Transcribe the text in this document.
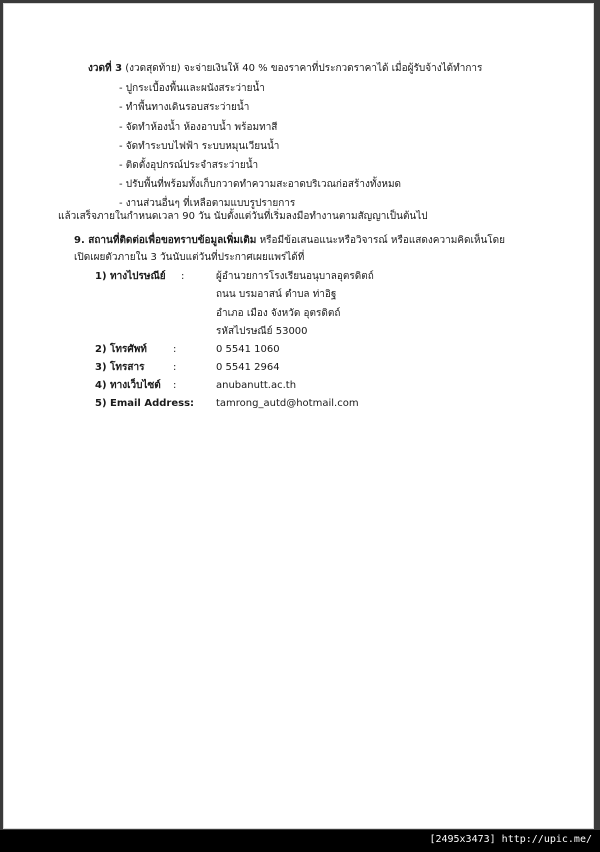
งวดที่ 3 (งวดสุดท้าย) จะจ่ายเงินให้ 40 % ของราคาที่ประกวดราคาได้ เมื่อผู้รับจ้างได้ทำการ
- ปูกระเบื้องพื้นและผนังสระว่ายน้ำ
- ทำพื้นทางเดินรอบสระว่ายน้ำ
- จัดทำห้องน้ำ ห้องอาบน้ำ พร้อมทาสี
- จัดทำระบบไฟฟ้า ระบบหมุนเวียนน้ำ
- ติดตั้งอุปกรณ์ประจำสระว่ายน้ำ
- ปรับพื้นที่พร้อมทั้งเก็บกวาดทำความสะอาดบริเวณก่อสร้างทั้งหมด
- งานส่วนอื่นๆ ที่เหลือตามแบบรูปรายการ
แล้วเสร็จภายในกำหนดเวลา 90 วัน นับตั้งแต่วันที่เริ่มลงมือทำงานตามสัญญาเป็นต้นไป
9. สถานที่ติดต่อเพื่อขอทราบข้อมูลเพิ่มเติม หรือมีข้อเสนอแนะหรือวิจารณ์ หรือแสดงความคิดเห็นโดย
เปิดเผยตัวภายใน 3 วันนับแต่วันที่ประกาศเผยแพร่ได้ที่
1) ทางไปรษณีย์ :	ผู้อำนวยการโรงเรียนอนุบาลอุตรดิตถ์
ถนน บรมอาสน์ ตำบล ท่าอิฐ
อำเภอ เมือง จังหวัด อุตรดิตถ์
รหัสไปรษณีย์ 53000
2) โทรศัพท์	:	0 5541 1060
3) โทรสาร	:	0 5541 2964
4) ทางเว็บไซต์ :	anubanutt.ac.th
5) Email Address: tamrong_autd@hotmail.com
[2495x3473] http://upic.me/
